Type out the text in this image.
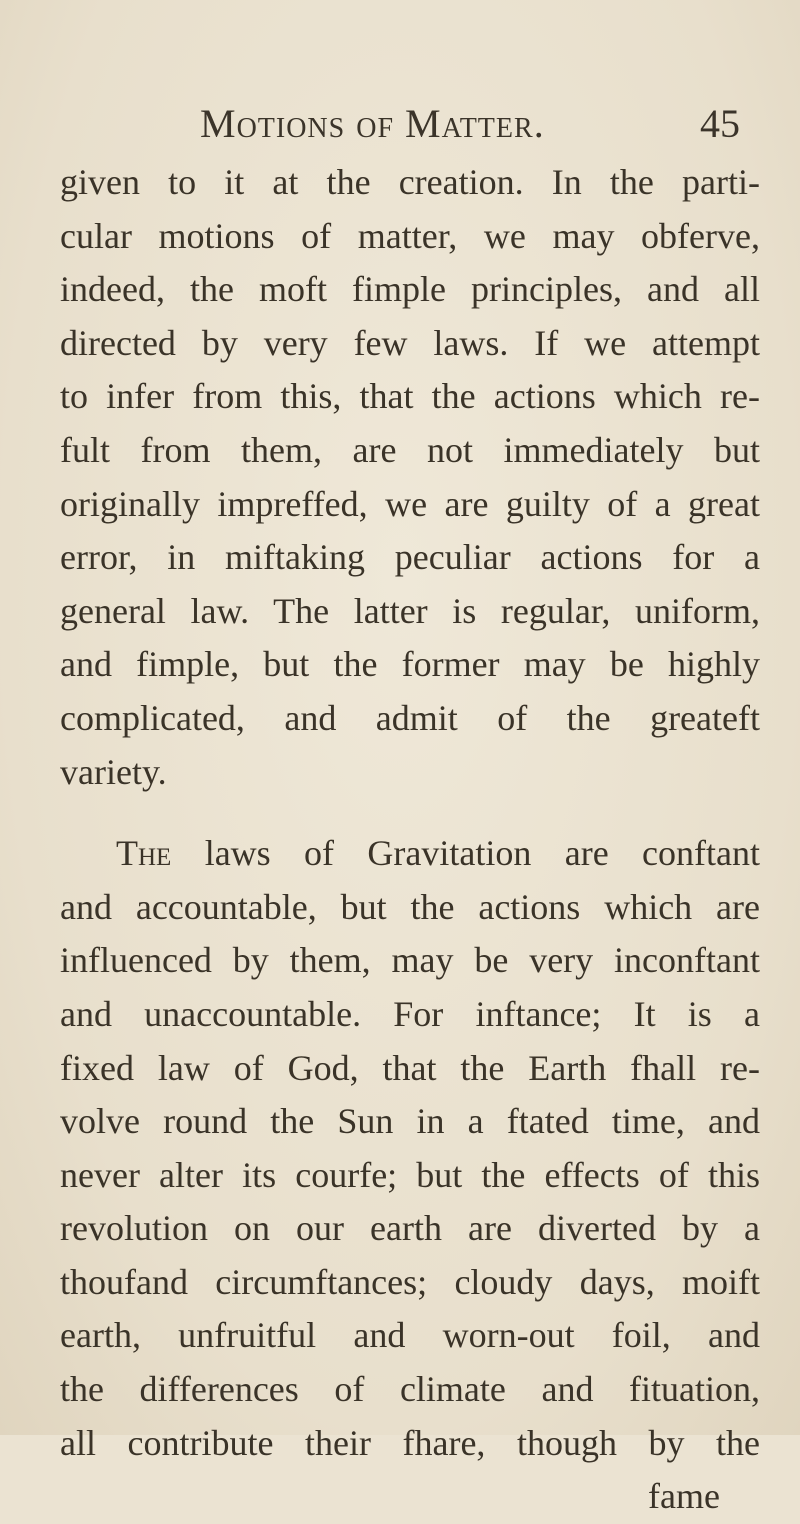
Motions of Matter.	45
given to it at the creation. In the parti-
cular motions of matter, we may obferve,
indeed, the moft fimple principles, and all
directed by very few laws. If we attempt
to infer from this, that the actions which re-
fult from them, are not immediately but
originally impreffed, we are guilty of a great
error, in miftaking peculiar actions for a
general law. The latter is regular, uniform,
and fimple, but the former may be highly
complicated, and admit of the greateft
variety.
The laws of Gravitation are conftant
and accountable, but the actions which are
influenced by them, may be very inconftant
and unaccountable. For inftance; It is a
fixed law of God, that the Earth fhall re-
volve round the Sun in a ftated time, and
never alter its courfe; but the effects of this
revolution on our earth are diverted by a
thoufand circumftances; cloudy days, moift
earth, unfruitful and worn-out foil, and
the differences of climate and fituation,
all contribute their fhare, though by the
fame
